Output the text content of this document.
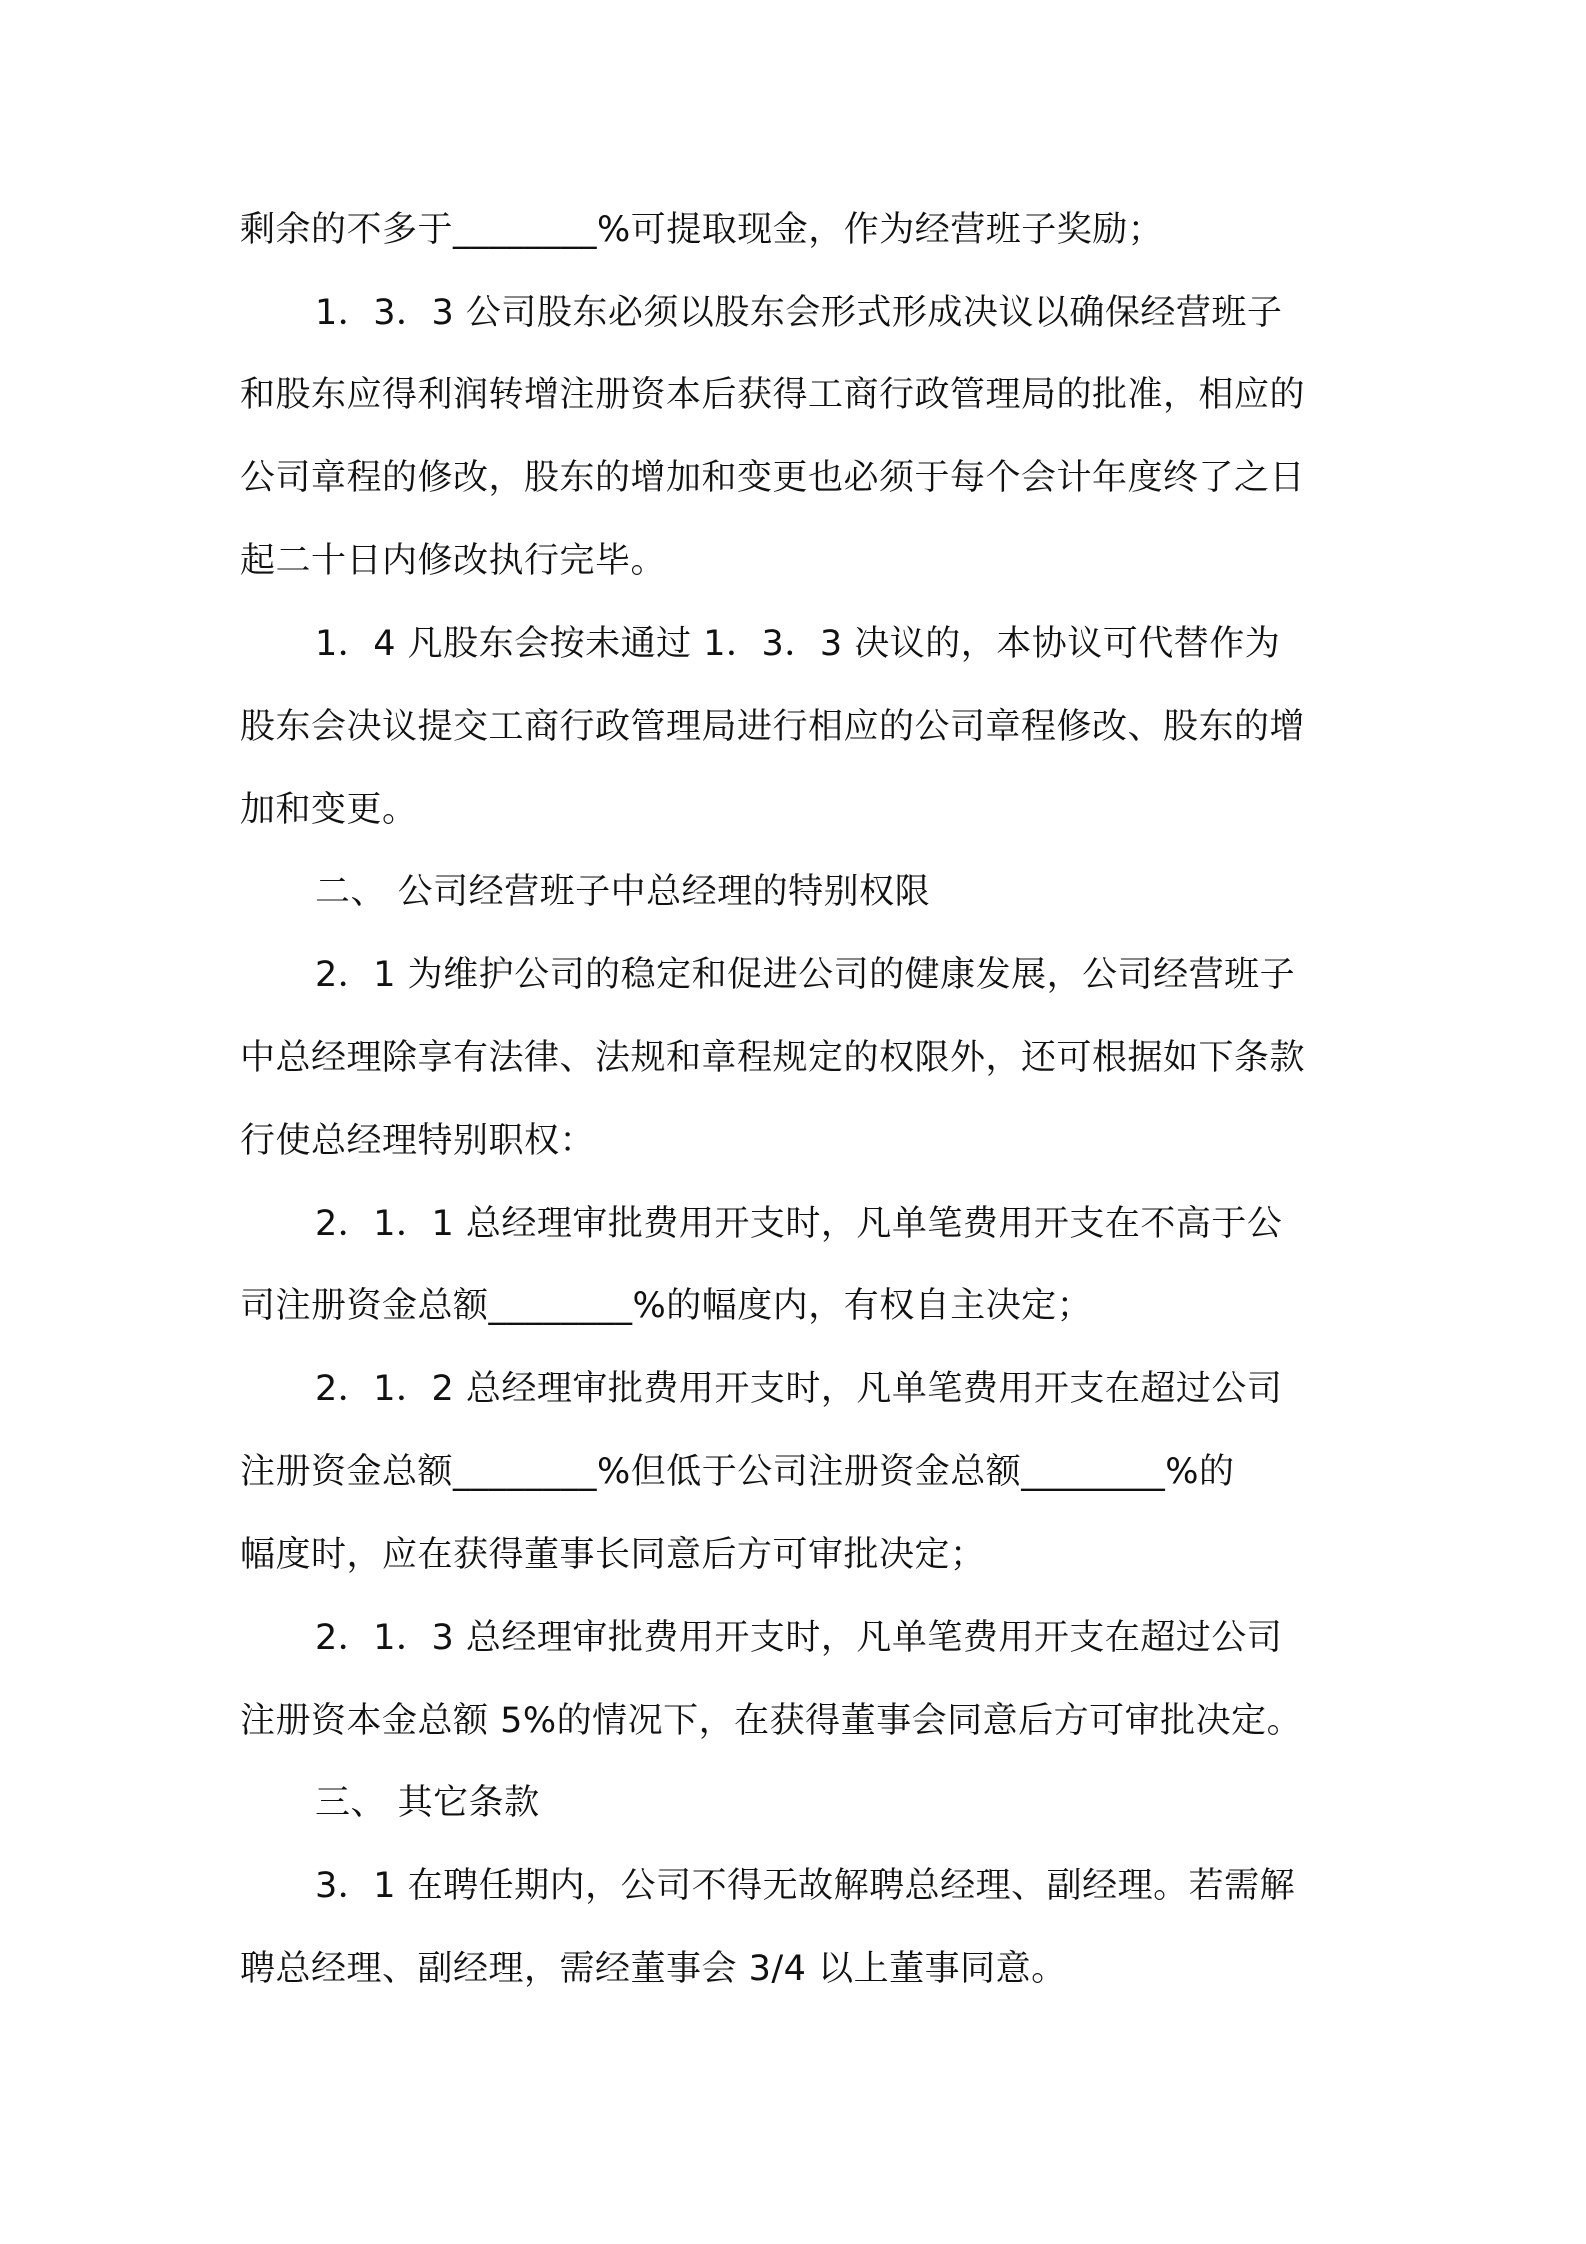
剩余的不多于________%可提取现金，作为经营班子奖励；
1．3．3 公司股东必须以股东会形式形成决议以确保经营班子
和股东应得利润转增注册资本后获得工商行政管理局的批准，相应的
公司章程的修改，股东的增加和变更也必须于每个会计年度终了之日
起二十日内修改执行完毕。
1．4 凡股东会按未通过 1．3．3 决议的，本协议可代替作为
股东会决议提交工商行政管理局进行相应的公司章程修改、股东的增
加和变更。
二、 公司经营班子中总经理的特别权限
2．1 为维护公司的稳定和促进公司的健康发展，公司经营班子
中总经理除享有法律、法规和章程规定的权限外，还可根据如下条款
行使总经理特别职权：
2．1．1 总经理审批费用开支时，凡单笔费用开支在不高于公
司注册资金总额________%的幅度内，有权自主决定；
2．1．2 总经理审批费用开支时，凡单笔费用开支在超过公司
注册资金总额________%但低于公司注册资金总额________%的
幅度时，应在获得董事长同意后方可审批决定；
2．1．3 总经理审批费用开支时，凡单笔费用开支在超过公司
注册资本金总额 5%的情况下，在获得董事会同意后方可审批决定。
三、 其它条款
3．1 在聘任期内，公司不得无故解聘总经理、副经理。若需解
聘总经理、副经理，需经董事会 3/4 以上董事同意。
